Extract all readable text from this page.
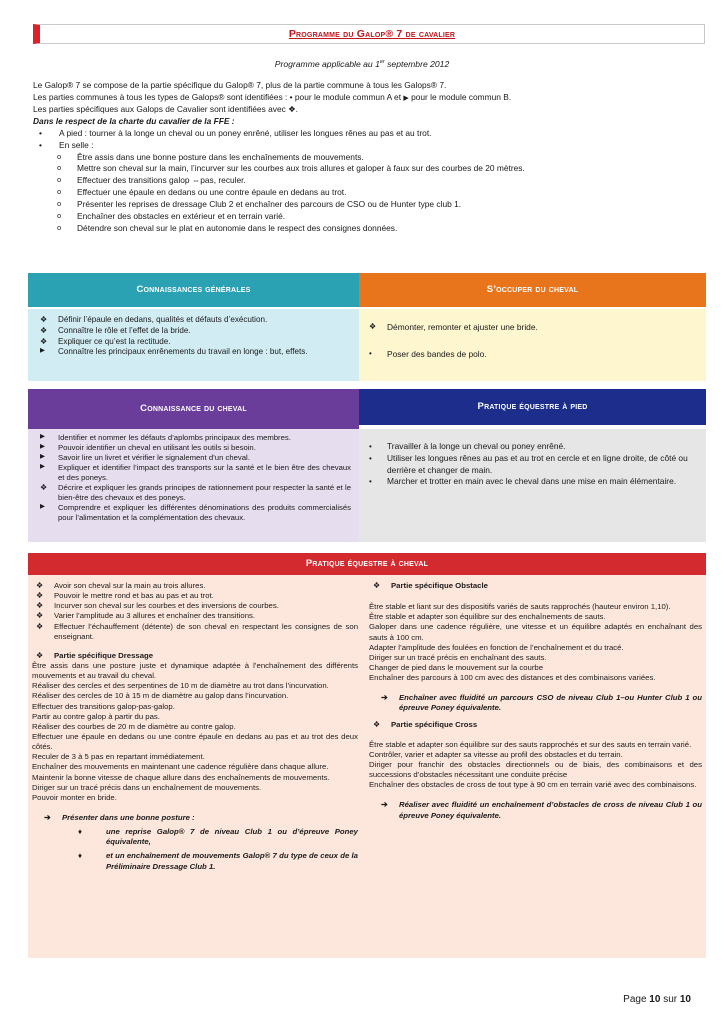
Programme du Galop® 7 de cavalier
Programme applicable au 1er septembre 2012

Le Galop® 7 se compose de la partie spécifique du Galop® 7, plus de la partie commune à tous les Galops® 7.

Les parties communes à tous les types de Galops® sont identifiées : • pour le module commun A et ▶ pour le module commun B.

Les parties spécifiques aux Galops de Cavalier sont identifiées avec ❖.

Dans le respect de la charte du cavalier de la FFE :

• A pied : tourner à la longe un cheval ou un poney enrêné, utiliser les longues rênes au pas et au trot.
• En selle :
o Être assis dans une bonne posture dans les enchaînements de mouvements.
o Mettre son cheval sur la main, l’incurver sur les courbes aux trois allures et galoper à faux sur des courbes de 20 mètres.
o Effectuer des transitions galop ⇔pas, reculer.
o Effectuer une épaule en dedans ou une contre épaule en dedans au trot.
o Présenter les reprises de dressage Club 2 et enchaîner des parcours de CSO ou de Hunter type club 1.
o Enchaîner des obstacles en extérieur et en terrain varié.
o Détendre son cheval sur le plat en autonomie dans le respect des consignes données.
Connaissances générales	S’occuper du cheval
❖ Définir l’épaule en dedans, qualités et défauts d’exécution.
❖ Connaître le rôle et l’effet de la bride.
❖ Expliquer ce qu’est la rectitude.
▶ Connaître les principaux enrênements du travail en longe : but, effets.
❖ Démonter, remonter et ajuster une bride.
• Poser des bandes de polo.
Connaissance du cheval	Pratique équestre à pied
▶ Identifier et nommer les défauts d’aplombs principaux des membres.
▶ Pouvoir identifier un cheval en utilisant les outils si besoin.
▶ Savoir lire un livret et vérifier le signalement d’un cheval.
▶ Expliquer et identifier l’impact des transports sur la santé et le bien être des chevaux et des poneys.
❖ Décrire et expliquer les grands principes de rationnement pour respecter la santé et le bien-être des chevaux et des poneys.
▶ Comprendre et expliquer les différentes dénominations des produits commercialisés pour l’alimentation et la complémentation des chevaux.
• Travailler à la longe un cheval ou poney enrêné.
• Utiliser les longues rênes au pas et au trot en cercle et en ligne droite, de côté ou derrière et changer de main.
• Marcher et trotter en main avec le cheval dans une mise en main élémentaire.
Pratique équestre à cheval
❖ Avoir son cheval sur la main au trois allures.
❖ Pouvoir le mettre rond et bas au pas et au trot.
❖ Incurver son cheval sur les courbes et des inversions de courbes.
❖ Varier l’amplitude au 3 allures et enchaîner des transitions.
❖ Effectuer l’échauffement (détente) de son cheval en respectant les consignes de son enseignant.
❖ Partie spécifique Dressage
Être assis dans une posture juste et dynamique adaptée à l’enchaînement des différents mouvements et au travail du cheval.
Réaliser des cercles et des serpentines de 10 m de diamètre au trot dans l’incurvation.
Réaliser des cercles de 10 à 15 m de diamètre au galop dans l’incurvation.
Effectuer des transitions galop-pas-galop.
Partir au contre galop à partir du pas.
Réaliser des courbes de 20 m de diamètre au contre galop.
Effectuer une épaule en dedans ou une contre épaule en dedans au pas et au trot des deux côtés.
Reculer de 3 à 5 pas en repartant immédiatement.
Enchaîner des mouvements en maintenant une cadence régulière dans chaque allure.
Maintenir la bonne vitesse de chaque allure dans des enchaînements de mouvements.
Diriger sur un tracé précis dans un enchaînement de mouvements.
Pouvoir monter en bride.
➔ Présenter dans une bonne posture :
♦	une reprise Galop® 7 de niveau Club 1 ou d’épreuve Poney équivalente,
♦	et un enchaînement de mouvements Galop® 7 du type de ceux de la Préliminaire Dressage Club 1.
❖ Partie spécifique Obstacle
Être stable et liant sur des dispositifs variés de sauts rapprochés (hauteur environ 1,10).
Être stable et adapter son équilibre sur des enchaînements de sauts.
Galoper dans une cadence régulière, une vitesse et un équilibre adaptés en enchaînant des sauts à 100 cm.
Adapter l’amplitude des foulées en fonction de l’enchaînement et du tracé.
Diriger sur un tracé précis en enchaînant des sauts.
Changer de pied dans le mouvement sur la courbe
Enchaîner des parcours à 100 cm avec des distances et des combinaisons variées.
➔ Enchaîner avec fluidité un parcours CSO de niveau Club 1–ou Hunter Club 1 ou épreuve Poney équivalente.
❖ Partie spécifique Cross
Être stable et adapter son équilibre sur des sauts rapprochés et sur des sauts en terrain varié.
Contrôler, varier et adapter sa vitesse au profil des obstacles et du terrain.
Diriger pour franchir des obstacles directionnels ou de biais, des combinaisons et des successions d’obstacles nécessitant une conduite précise
Enchaîner des obstacles de cross de tout type à 90 cm en terrain varié avec des combinaisons.
➔ Réaliser avec fluidité un enchaînement d’obstacles de cross de niveau Club 1 ou épreuve Poney équivalente.
Page 10 sur 10
